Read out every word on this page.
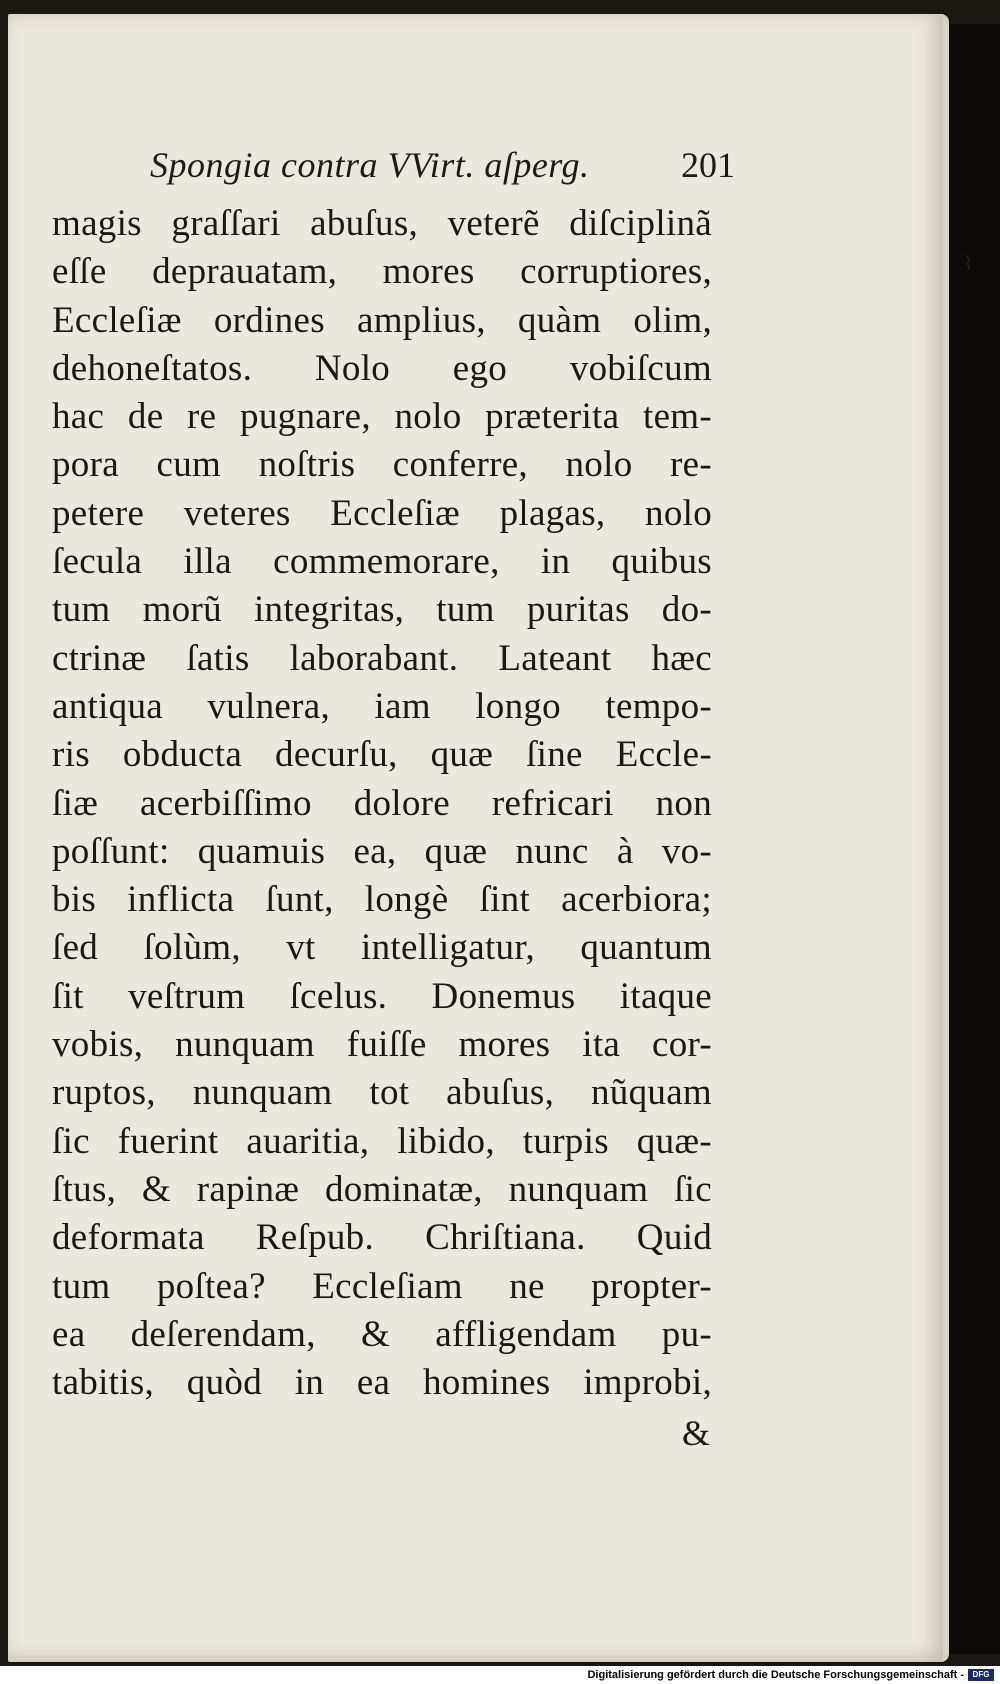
⌇
Spongia contra VVirt. aſperg.	201
magis graſſari abuſus, veterẽ diſciplinã
eſſe deprauatam, mores corruptiores,
Eccleſiæ ordines amplius, quàm olim,
dehoneſtatos. Nolo ego vobiſcum
hac de re pugnare, nolo præterita tem-
pora cum noſtris conferre, nolo re-
petere veteres Eccleſiæ plagas, nolo
ſecula illa commemorare, in quibus
tum morũ integritas, tum puritas do-
ctrinæ ſatis laborabant. Lateant hæc
antiqua vulnera, iam longo tempo-
ris obducta decurſu, quæ ſine Eccle-
ſiæ acerbiſſimo dolore refricari non
poſſunt: quamuis ea, quæ nunc à vo-
bis inflicta ſunt, longè ſint acerbiora;
ſed ſolùm, vt intelligatur, quantum
ſit veſtrum ſcelus. Donemus itaque
vobis, nunquam fuiſſe mores ita cor-
ruptos, nunquam tot abuſus, nũquam
ſic fuerint auaritia, libido, turpis quæ-
ſtus, & rapinæ dominatæ, nunquam ſic
deformata Reſpub. Chriſtiana. Quid
tum poſtea? Eccleſiam ne propter-
ea deſerendam, & affligendam pu-
tabitis, quòd in ea homines improbi,
&
Digitalisierung gefördert durch die Deutsche Forschungsgemeinschaft -	DFG
